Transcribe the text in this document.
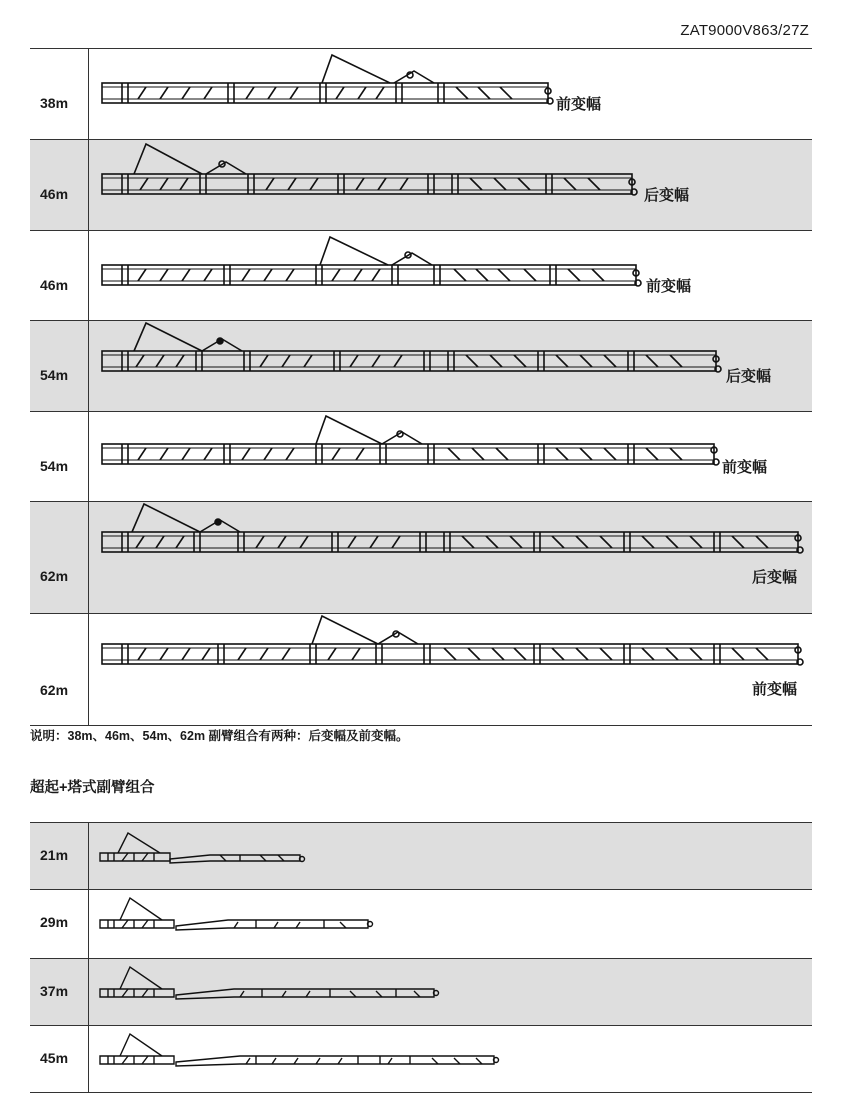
ZAT9000V863/27Z
38m	前变幅
46m	后变幅
46m	前变幅
54m	后变幅
54m	前变幅
62m	后变幅
62m	前变幅
说明：38m、46m、54m、62m 副臂组合有两种：后变幅及前变幅。
超起+塔式副臂组合
21m
29m
37m
45m
